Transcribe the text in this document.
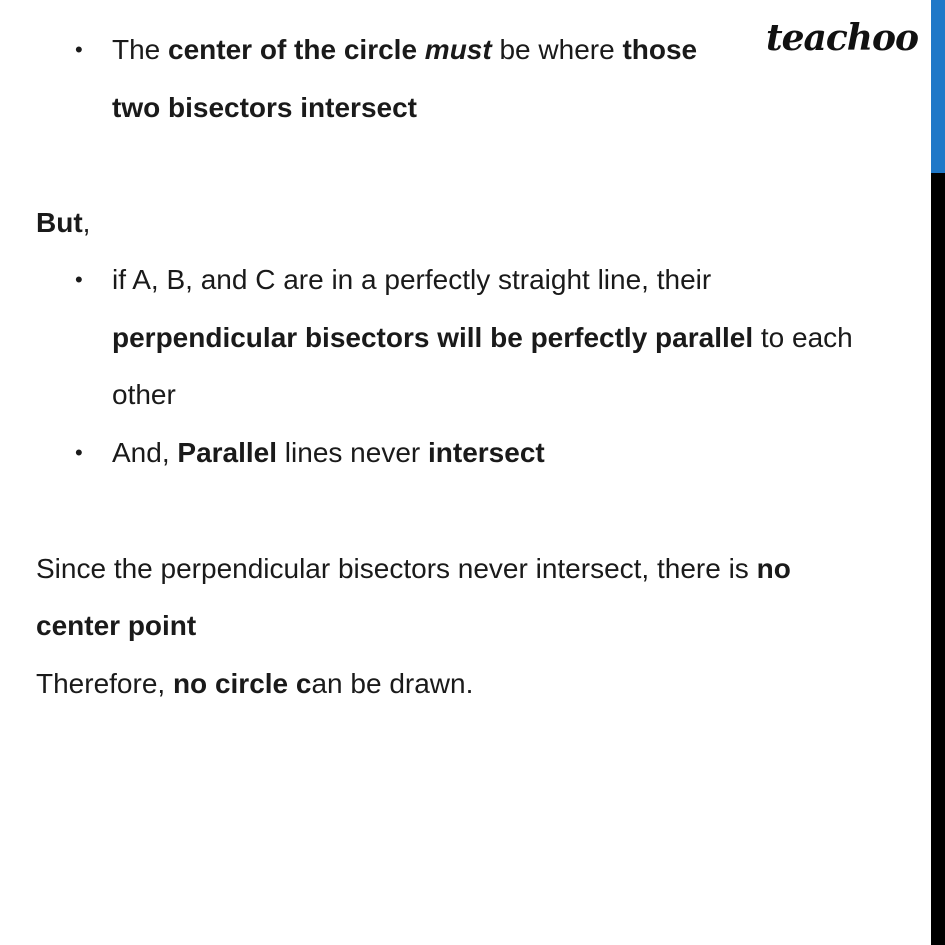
•	The center of the circle must be where those
two bisectors intersect
But,
•	if A, B, and C are in a perfectly straight line, their
perpendicular bisectors will be perfectly parallel to each
other
•	And, Parallel lines never intersect
Since the perpendicular bisectors never intersect, there is no
center point
Therefore, no circle can be drawn.
teachoo
